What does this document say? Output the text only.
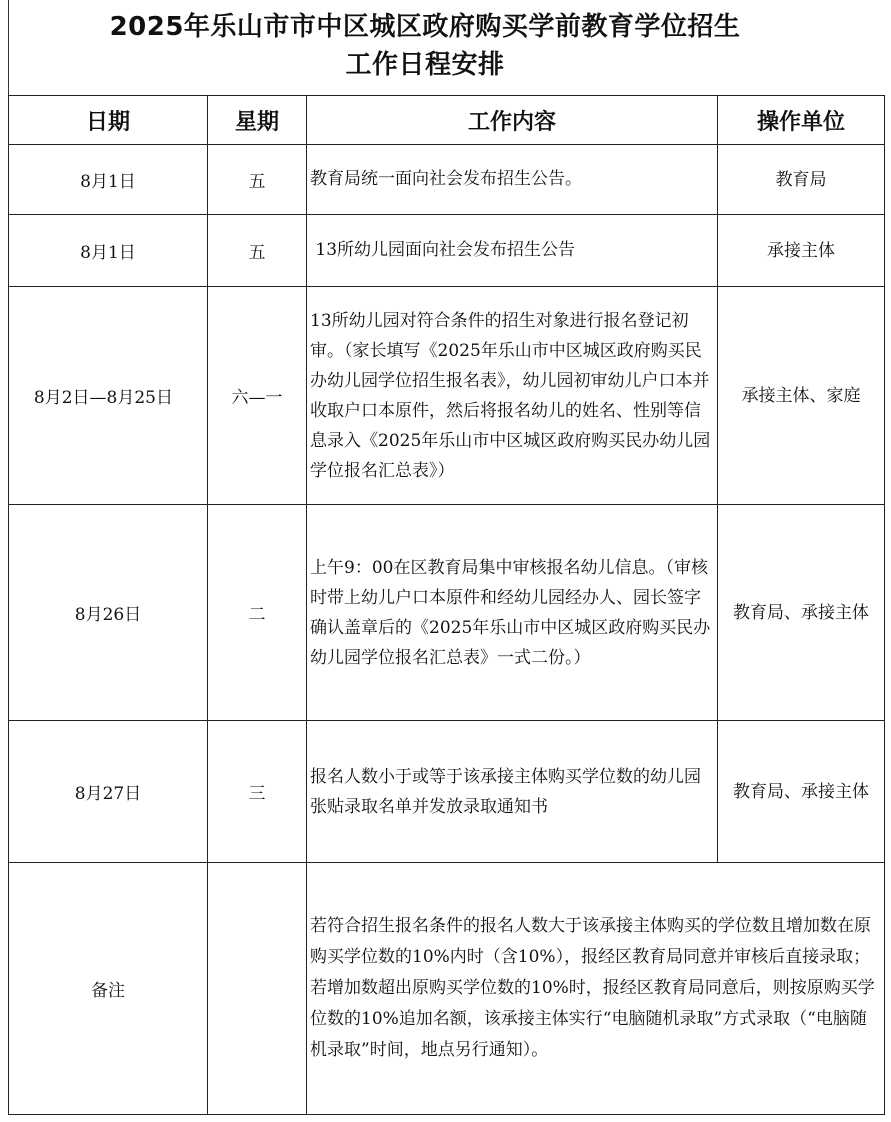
2025年乐山市市中区城区政府购买学前教育学位招生
工作日程安排
日期	星期	工作内容	操作单位
8月1日	五	教育局统一面向社会发布招生公告。	教育局
8月1日	五	13所幼儿园面向社会发布招生公告	承接主体
8月2日—8月25日	六—一	13所幼儿园对符合条件的招生对象进行报名登记初审。（家长填写《2025年乐山市中区城区政府购买民办幼儿园学位招生报名表》，幼儿园初审幼儿户口本并收取户口本原件，然后将报名幼儿的姓名、性别等信息录入《2025年乐山市中区城区政府购买民办幼儿园学位报名汇总表》）	承接主体、家庭
8月26日	二	上午9：00在区教育局集中审核报名幼儿信息。（审核时带上幼儿户口本原件和经幼儿园经办人、园长签字确认盖章后的《2025年乐山市中区城区政府购买民办幼儿园学位报名汇总表》一式二份。）	教育局、承接主体
8月27日	三	报名人数小于或等于该承接主体购买学位数的幼儿园张贴录取名单并发放录取通知书	教育局、承接主体
备注		若符合招生报名条件的报名人数大于该承接主体购买的学位数且增加数在原购买学位数的10%内时（含10%），报经区教育局同意并审核后直接录取；若增加数超出原购买学位数的10%时，报经区教育局同意后，则按原购买学位数的10%追加名额，该承接主体实行“电脑随机录取”方式录取（“电脑随机录取”时间，地点另行通知）。	
